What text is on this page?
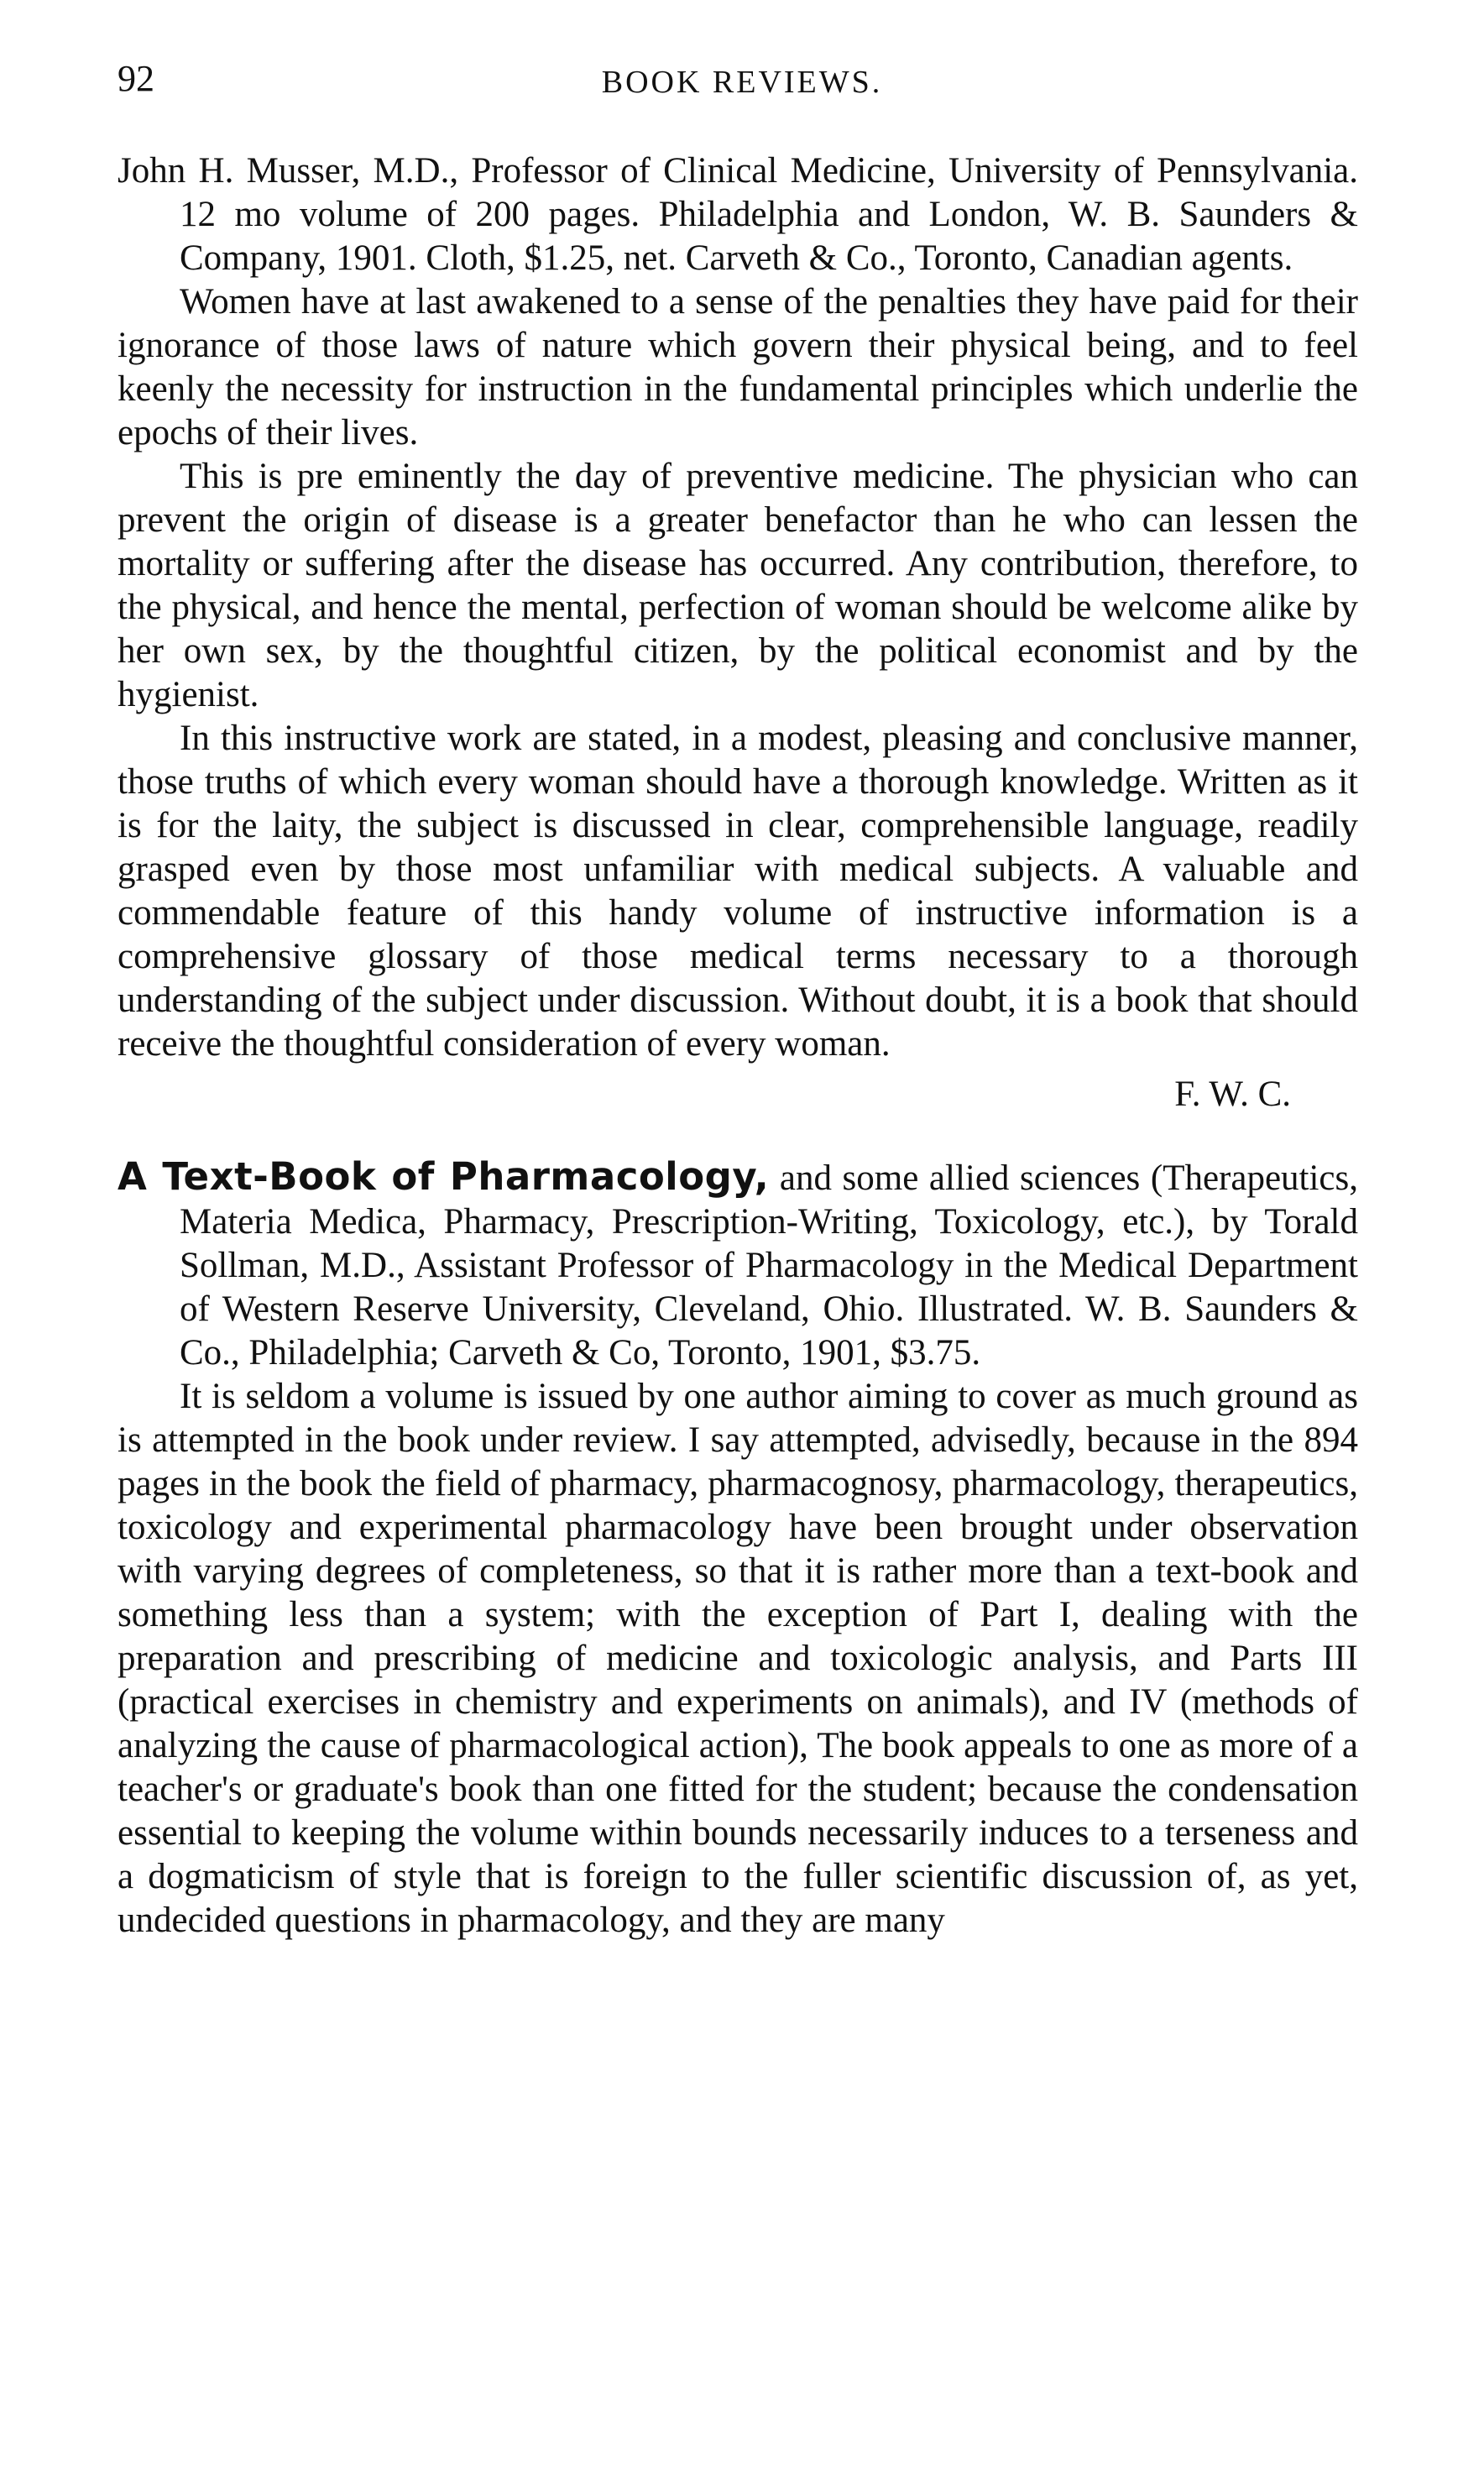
92	BOOK REVIEWS.

John H. Musser, M.D., Professor of Clinical Medicine, University of Pennsylvania. 12 mo volume of 200 pages. Philadelphia and London, W. B. Saunders & Company, 1901. Cloth, $1.25, net. Carveth & Co., Toronto, Canadian agents.

Women have at last awakened to a sense of the penalties they have paid for their ignorance of those laws of nature which govern their physical being, and to feel keenly the necessity for instruction in the fundamental principles which underlie the epochs of their lives.

This is pre eminently the day of preventive medicine. The physician who can prevent the origin of disease is a greater benefactor than he who can lessen the mortality or suffering after the disease has occurred. Any contribution, therefore, to the physical, and hence the mental, perfection of woman should be welcome alike by her own sex, by the thoughtful citizen, by the political economist and by the hygienist.

In this instructive work are stated, in a modest, pleasing and conclusive manner, those truths of which every woman should have a thorough knowledge. Written as it is for the laity, the subject is discussed in clear, comprehensible language, readily grasped even by those most unfamiliar with medical subjects. A valuable and commendable feature of this handy volume of instructive information is a comprehensive glossary of those medical terms necessary to a thorough understanding of the subject under discussion. Without doubt, it is a book that should receive the thoughtful consideration of every woman.

F. W. C.

A Text-Book of Pharmacology, and some allied sciences (Therapeutics, Materia Medica, Pharmacy, Prescription-Writing, Toxicology, etc.), by Torald Sollman, M.D., Assistant Professor of Pharmacology in the Medical Department of Western Reserve University, Cleveland, Ohio. Illustrated. W. B. Saunders & Co., Philadelphia; Carveth & Co, Toronto, 1901, $3.75.

It is seldom a volume is issued by one author aiming to cover as much ground as is attempted in the book under review. I say attempted, advisedly, because in the 894 pages in the book the field of pharmacy, pharmacognosy, pharmacology, therapeutics, toxicology and experimental pharmacology have been brought under observation with varying degrees of completeness, so that it is rather more than a text-book and something less than a system; with the exception of Part I, dealing with the preparation and prescribing of medicine and toxicologic analysis, and Parts III (practical exercises in chemistry and experiments on animals), and IV (methods of analyzing the cause of pharmacological action), The book appeals to one as more of a teacher's or graduate's book than one fitted for the student; because the condensation essential to keeping the volume within bounds necessarily induces to a terseness and a dogmaticism of style that is foreign to the fuller scientific discussion of, as yet, undecided questions in pharmacology, and they are many
